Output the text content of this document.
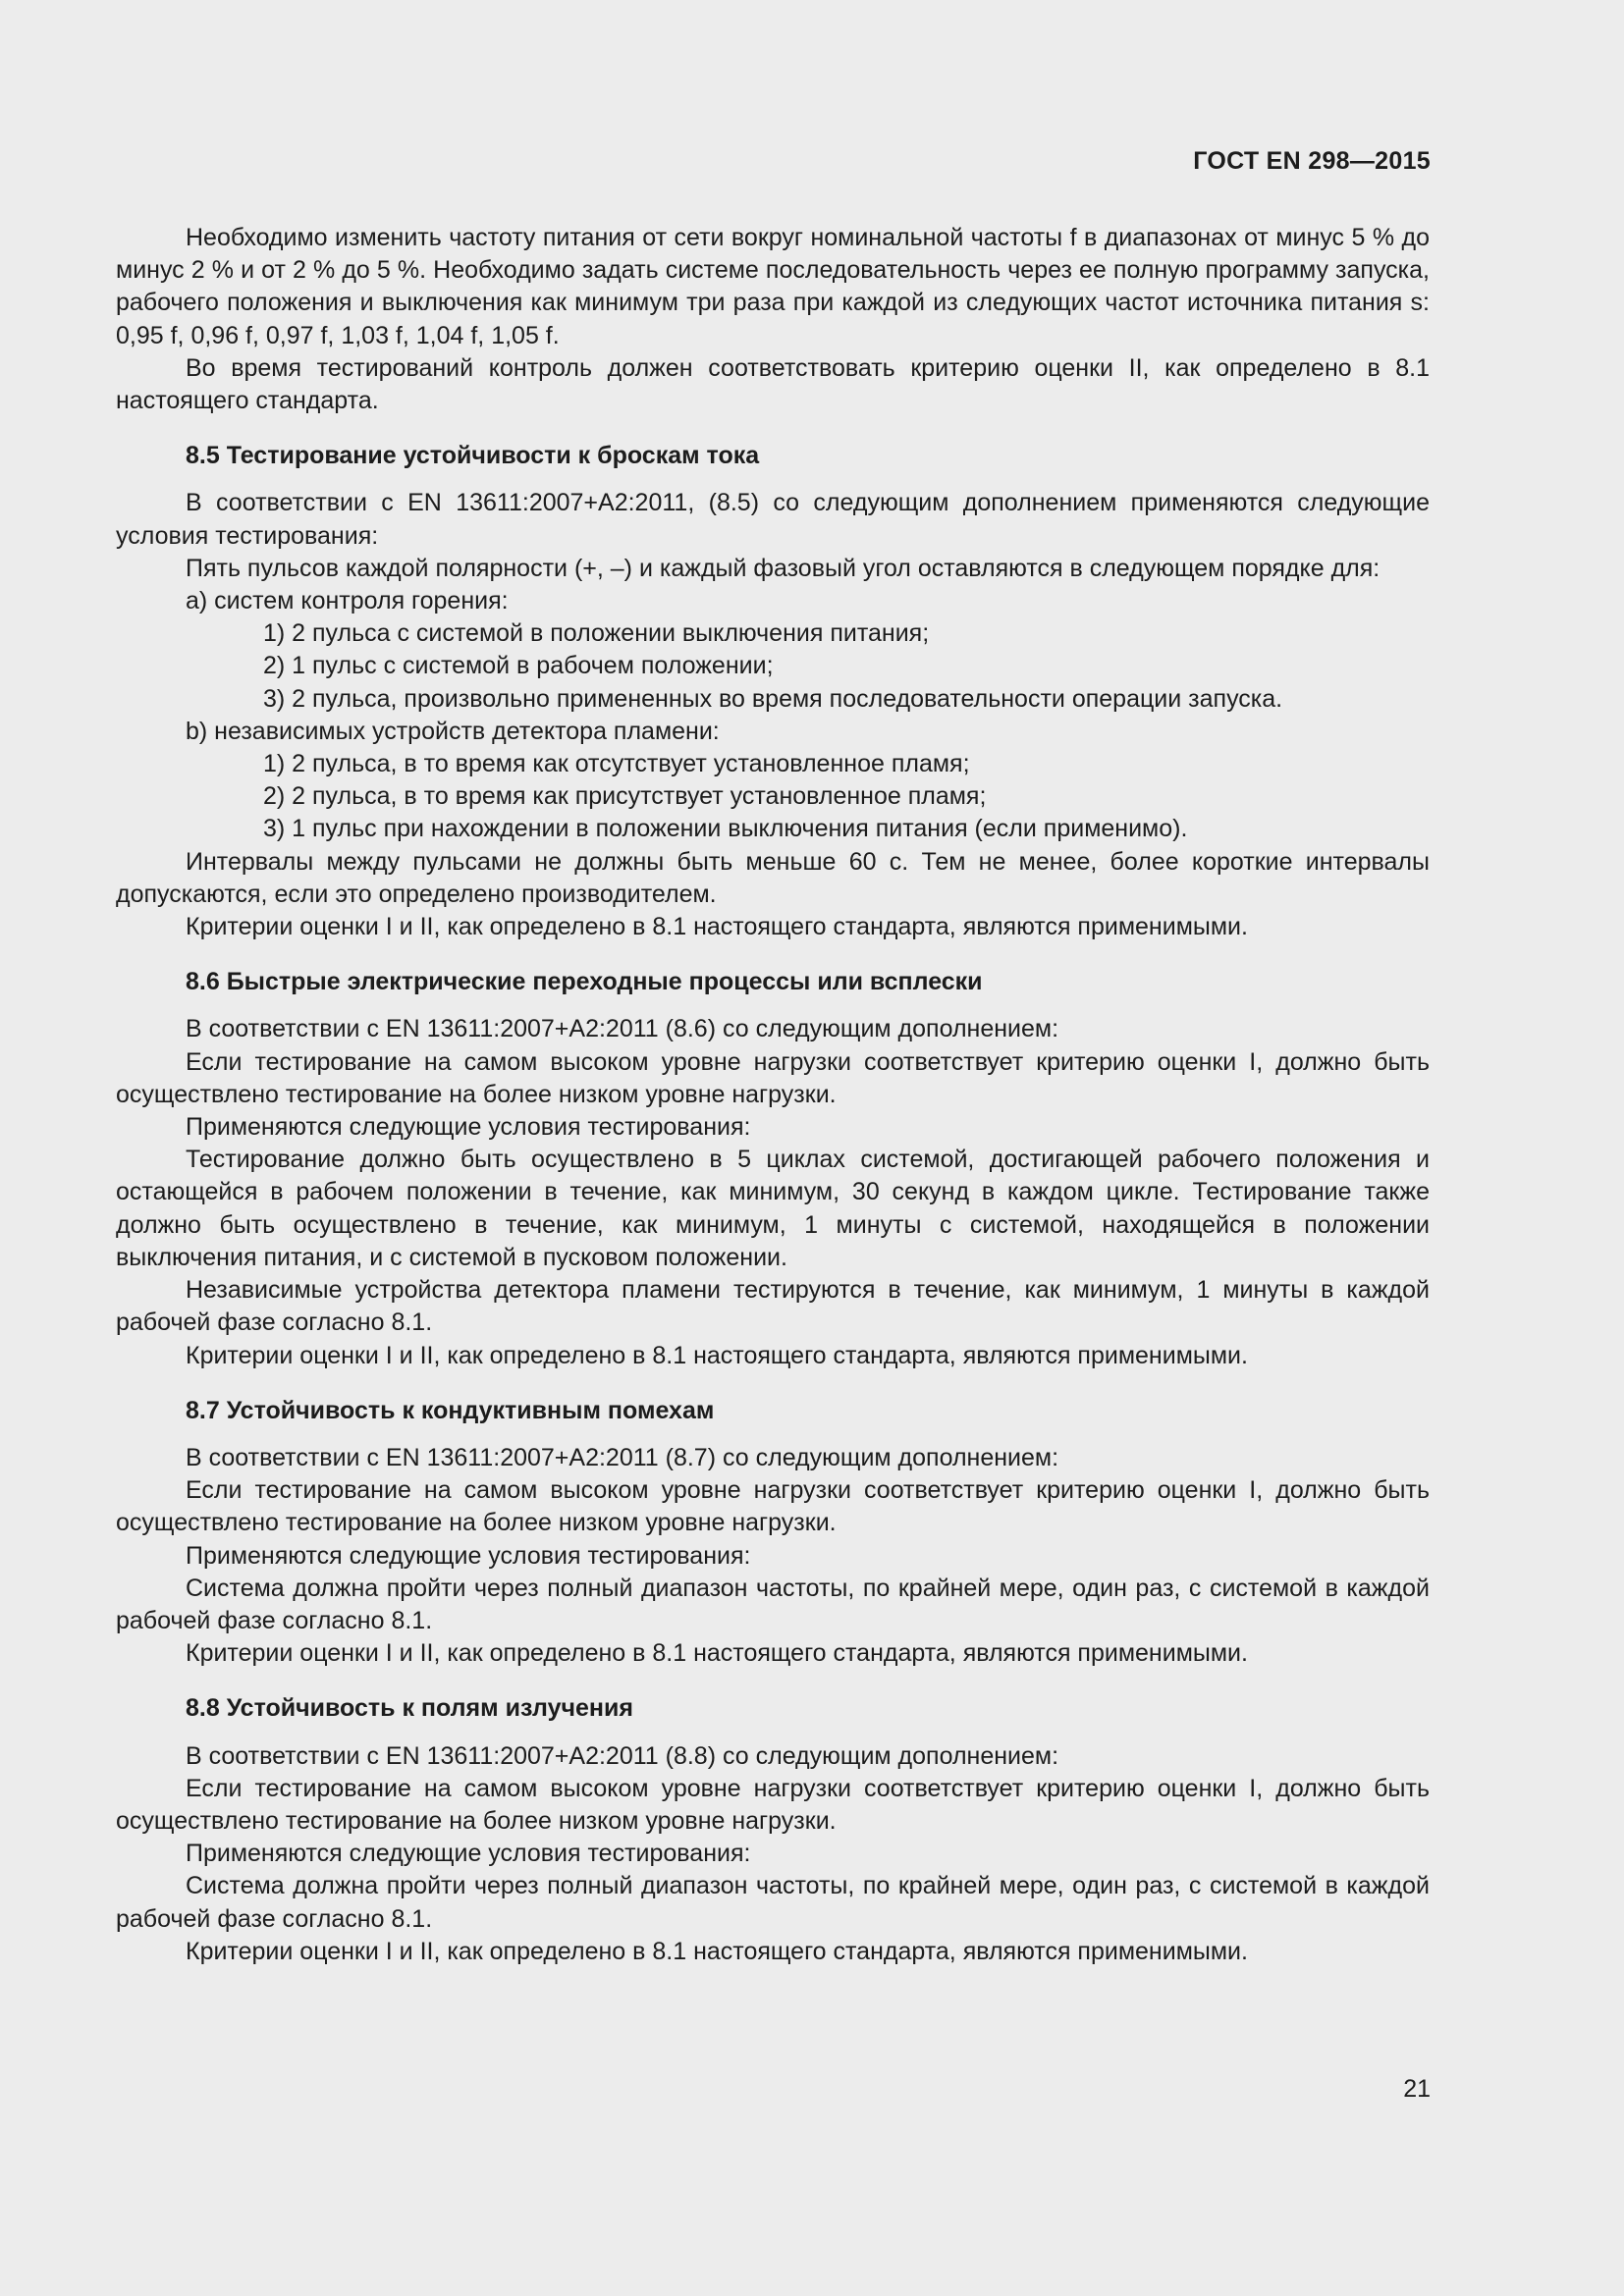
ГОСТ EN 298—2015

Необходимо изменить частоту питания от сети вокруг номинальной частоты f в диапазонах от минус 5 % до минус 2 % и от 2 % до 5 %. Необходимо задать системе последовательность через ее полную программу запуска, рабочего положения и выключения как минимум три раза при каждой из следующих частот источника питания s: 0,95 f, 0,96 f, 0,97 f, 1,03 f, 1,04 f, 1,05 f.

Во время тестирований контроль должен соответствовать критерию оценки II, как определено в 8.1 настоящего стандарта.

8.5 Тестирование устойчивости к броскам тока

В соответствии с EN 13611:2007+А2:2011, (8.5) со следующим дополнением применяются следующие условия тестирования:

Пять пульсов каждой полярности (+, –) и каждый фазовый угол оставляются в следующем порядке для:

a) систем контроля горения:

1) 2 пульса с системой в положении выключения питания;

2) 1 пульс с системой в рабочем положении;

3) 2 пульса, произвольно примененных во время последовательности операции запуска.

b) независимых устройств детектора пламени:

1) 2 пульса, в то время как отсутствует установленное пламя;

2) 2 пульса, в то время как присутствует установленное пламя;

3) 1 пульс при нахождении в положении выключения питания (если применимо).

Интервалы между пульсами не должны быть меньше 60 с. Тем не менее, более короткие интервалы допускаются, если это определено производителем.

Критерии оценки I и II, как определено в 8.1 настоящего стандарта, являются применимыми.

8.6 Быстрые электрические переходные процессы или всплески

В соответствии с EN 13611:2007+А2:2011 (8.6) со следующим дополнением:

Если тестирование на самом высоком уровне нагрузки соответствует критерию оценки I, должно быть осуществлено тестирование на более низком уровне нагрузки.

Применяются следующие условия тестирования:

Тестирование должно быть осуществлено в 5 циклах системой, достигающей рабочего положения и остающейся в рабочем положении в течение, как минимум, 30 секунд в каждом цикле. Тестирование также должно быть осуществлено в течение, как минимум, 1 минуты с системой, находящейся в положении выключения питания, и с системой в пусковом положении.

Независимые устройства детектора пламени тестируются в течение, как минимум, 1 минуты в каждой рабочей фазе согласно 8.1.

Критерии оценки I и II, как определено в 8.1 настоящего стандарта, являются применимыми.

8.7 Устойчивость к кондуктивным помехам

В соответствии с EN 13611:2007+А2:2011 (8.7) со следующим дополнением:

Если тестирование на самом высоком уровне нагрузки соответствует критерию оценки I, должно быть осуществлено тестирование на более низком уровне нагрузки.

Применяются следующие условия тестирования:

Система должна пройти через полный диапазон частоты, по крайней мере, один раз, с системой в каждой рабочей фазе согласно 8.1.

Критерии оценки I и II, как определено в 8.1 настоящего стандарта, являются применимыми.

8.8 Устойчивость к полям излучения

В соответствии с EN 13611:2007+А2:2011 (8.8) со следующим дополнением:

Если тестирование на самом высоком уровне нагрузки соответствует критерию оценки I, должно быть осуществлено тестирование на более низком уровне нагрузки.

Применяются следующие условия тестирования:

Система должна пройти через полный диапазон частоты, по крайней мере, один раз, с системой в каждой рабочей фазе согласно 8.1.

Критерии оценки I и II, как определено в 8.1 настоящего стандарта, являются применимыми.

21
